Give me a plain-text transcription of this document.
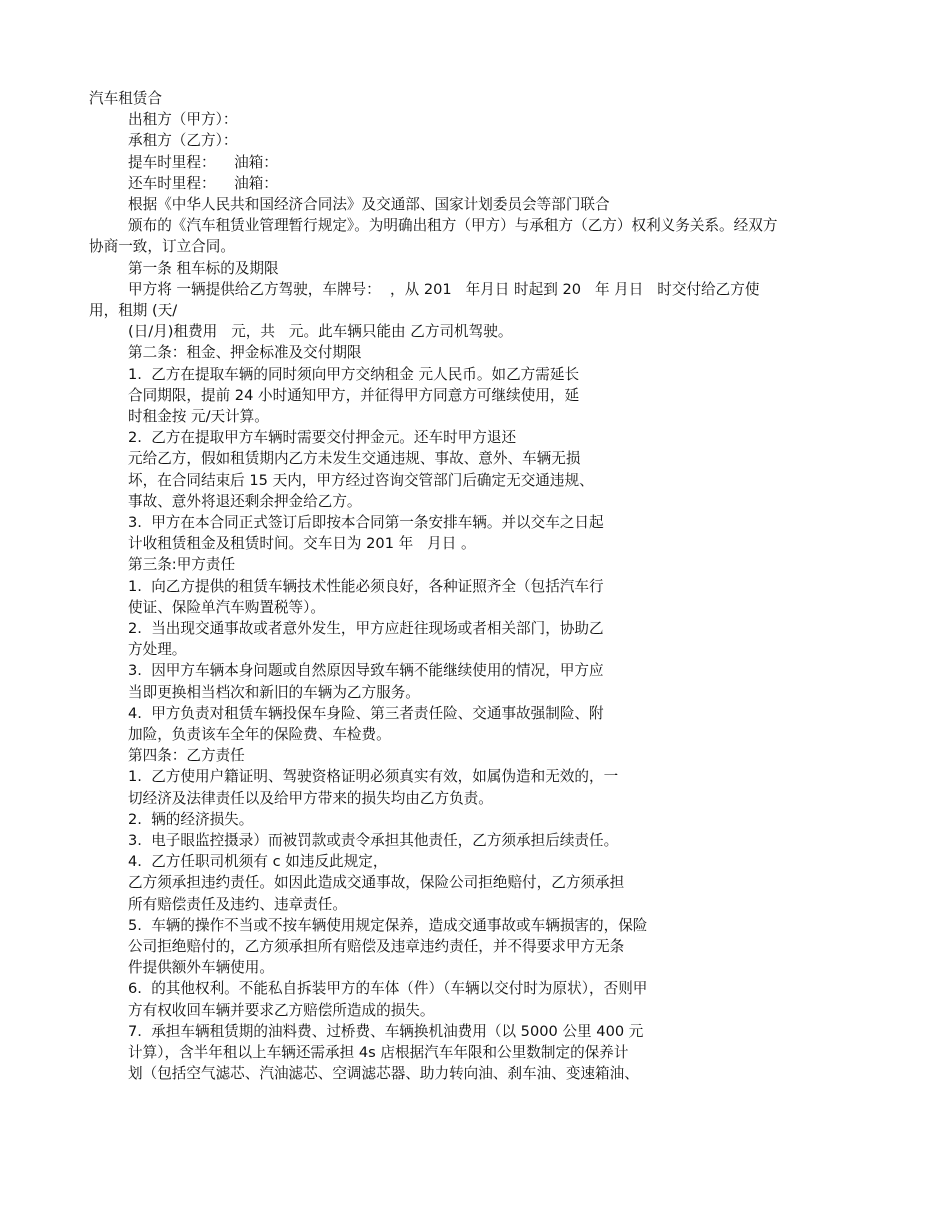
汽车租赁合
出租方（甲方）：
承租方（乙方）：
提车时里程：    油箱：
还车时里程：    油箱：
根据《中华人民共和国经济合同法》及交通部、国家计划委员会等部门联合
颁布的《汽车租赁业管理暂行规定》。为明确出租方（甲方）与承租方（乙方）权利义务关系。经双方
协商一致，订立合同。
第一条 租车标的及期限
甲方将 一辆提供给乙方驾驶，车牌号：  ，从 201   年月日 时起到 20   年 月日   时交付给乙方使
用，租期 (天/
(日/月)租费用   元，共   元。此车辆只能由 乙方司机驾驶。
第二条：租金、押金标准及交付期限
1.  乙方在提取车辆的同时须向甲方交纳租金 元人民币。如乙方需延长
合同期限，提前 24 小时通知甲方，并征得甲方同意方可继续使用，延
时租金按 元/天计算。
2.  乙方在提取甲方车辆时需要交付押金元。还车时甲方退还
元给乙方，假如租赁期内乙方未发生交通违规、事故、意外、车辆无损
坏，在合同结束后 15 天内，甲方经过咨询交管部门后确定无交通违规、
事故、意外将退还剩余押金给乙方。
3.  甲方在本合同正式签订后即按本合同第一条安排车辆。并以交车之日起
计收租赁租金及租赁时间。交车日为 201 年   月日 。
第三条:甲方责任
1.  向乙方提供的租赁车辆技术性能必须良好，各种证照齐全（包括汽车行
使证、保险单汽车购置税等）。
2.  当出现交通事故或者意外发生，甲方应赶往现场或者相关部门，协助乙
方处理。
3.  因甲方车辆本身问题或自然原因导致车辆不能继续使用的情况，甲方应
当即更换相当档次和新旧的车辆为乙方服务。
4.  甲方负责对租赁车辆投保车身险、第三者责任险、交通事故强制险、附
加险，负责该车全年的保险费、车检费。
第四条：乙方责任
1.  乙方使用户籍证明、驾驶资格证明必须真实有效，如属伪造和无效的，一
切经济及法律责任以及给甲方带来的损失均由乙方负责。
2.  辆的经济损失。
3.  电子眼监控摄录）而被罚款或责令承担其他责任，乙方须承担后续责任。
4.  乙方任职司机须有 c 如违反此规定，
乙方须承担违约责任。如因此造成交通事故，保险公司拒绝赔付，乙方须承担
所有赔偿责任及违约、违章责任。
5.  车辆的操作不当或不按车辆使用规定保养，造成交通事故或车辆损害的，保险
公司拒绝赔付的，乙方须承担所有赔偿及违章违约责任，并不得要求甲方无条
件提供额外车辆使用。
6.  的其他权利。不能私自拆装甲方的车体（件）（车辆以交付时为原状），否则甲
方有权收回车辆并要求乙方赔偿所造成的损失。
7.  承担车辆租赁期的油料费、过桥费、车辆换机油费用（以 5000 公里 400 元
计算），含半年租以上车辆还需承担 4s 店根据汽车年限和公里数制定的保养计
划（包括空气滤芯、汽油滤芯、空调滤芯器、助力转向油、刹车油、变速箱油、
